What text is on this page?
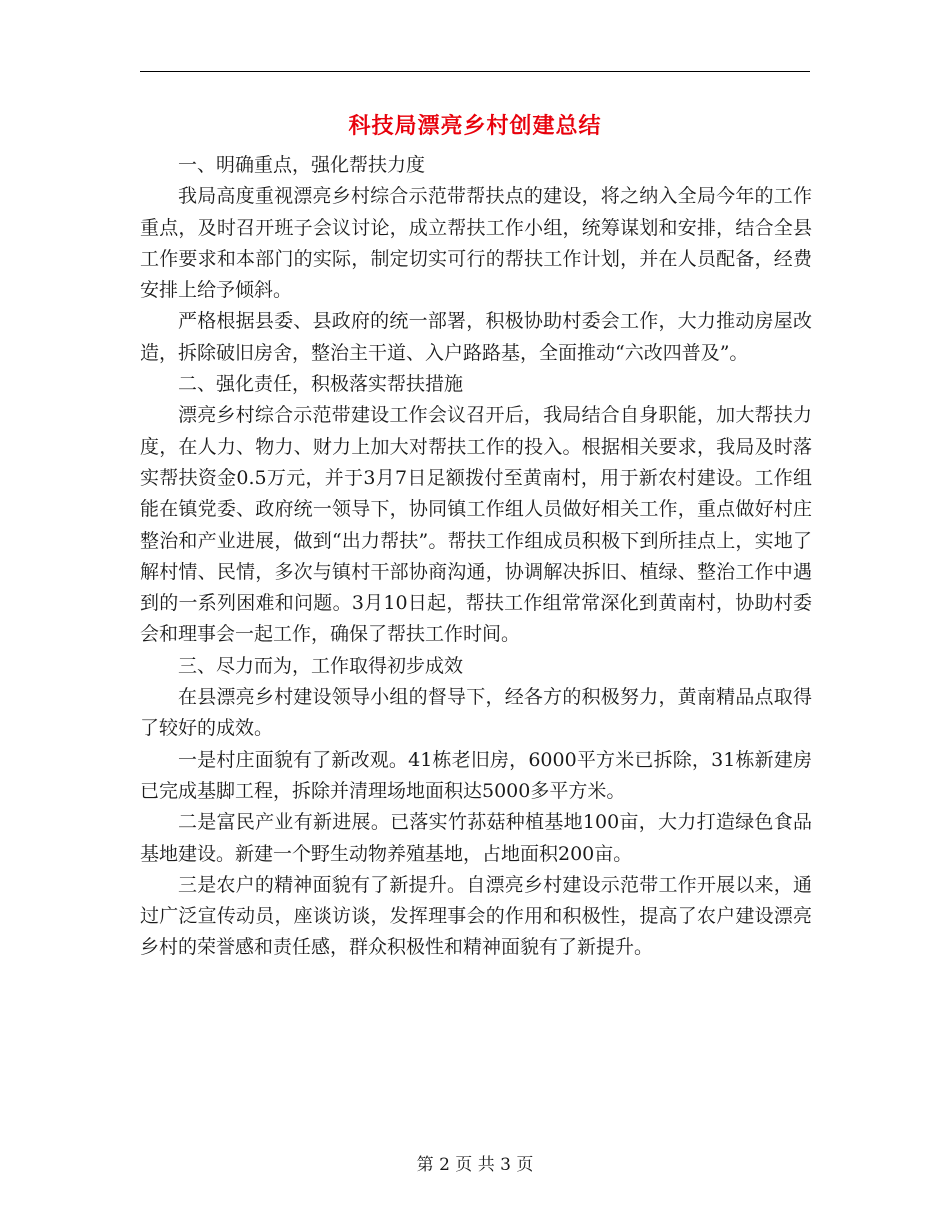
科技局漂亮乡村创建总结

一、明确重点，强化帮扶力度

我局高度重视漂亮乡村综合示范带帮扶点的建设，将之纳入全局今年的工作重点，及时召开班子会议讨论，成立帮扶工作小组，统筹谋划和安排，结合全县工作要求和本部门的实际，制定切实可行的帮扶工作计划，并在人员配备，经费安排上给予倾斜。

严格根据县委、县政府的统一部署，积极协助村委会工作，大力推动房屋改造，拆除破旧房舍，整治主干道、入户路路基，全面推动“六改四普及”。

二、强化责任，积极落实帮扶措施

漂亮乡村综合示范带建设工作会议召开后，我局结合自身职能，加大帮扶力度，在人力、物力、财力上加大对帮扶工作的投入。根据相关要求，我局及时落实帮扶资金0.5万元，并于3月7日足额拨付至黄南村，用于新农村建设。工作组能在镇党委、政府统一领导下，协同镇工作组人员做好相关工作，重点做好村庄整治和产业进展，做到“出力帮扶”。帮扶工作组成员积极下到所挂点上，实地了解村情、民情，多次与镇村干部协商沟通，协调解决拆旧、植绿、整治工作中遇到的一系列困难和问题。3月10日起，帮扶工作组常常深化到黄南村，协助村委会和理事会一起工作，确保了帮扶工作时间。

三、尽力而为，工作取得初步成效

在县漂亮乡村建设领导小组的督导下，经各方的积极努力，黄南精品点取得了较好的成效。

一是村庄面貌有了新改观。41栋老旧房，6000平方米已拆除，31栋新建房已完成基脚工程，拆除并清理场地面积达5000多平方米。

二是富民产业有新进展。已落实竹荪菇种植基地100亩，大力打造绿色食品基地建设。新建一个野生动物养殖基地，占地面积200亩。

三是农户的精神面貌有了新提升。自漂亮乡村建设示范带工作开展以来，通过广泛宣传动员，座谈访谈，发挥理事会的作用和积极性，提高了农户建设漂亮乡村的荣誉感和责任感，群众积极性和精神面貌有了新提升。

第 2 页 共 3 页
